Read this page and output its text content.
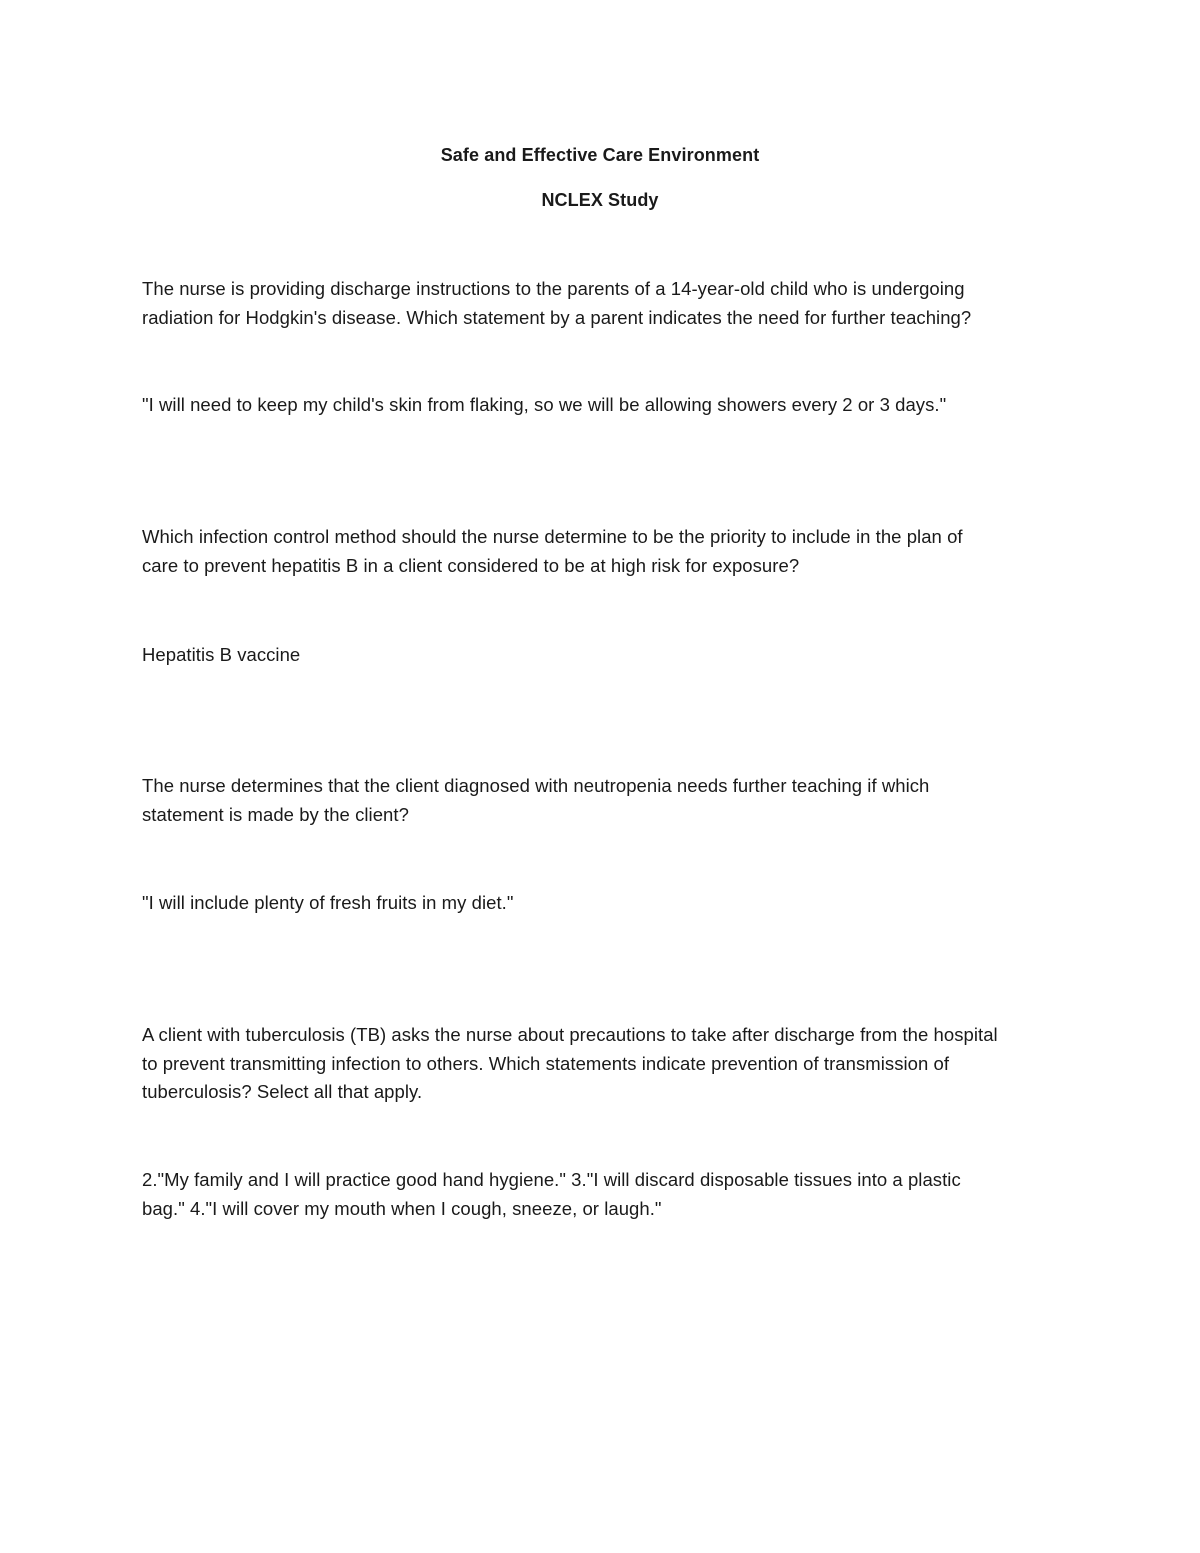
Safe and Effective Care Environment
NCLEX Study
The nurse is providing discharge instructions to the parents of a 14-year-old child who is undergoing
radiation for Hodgkin's disease. Which statement by a parent indicates the need for further teaching?
"I will need to keep my child's skin from flaking, so we will be allowing showers every 2 or 3 days."
Which infection control method should the nurse determine to be the priority to include in the plan of
care to prevent hepatitis B in a client considered to be at high risk for exposure?
Hepatitis B vaccine
The nurse determines that the client diagnosed with neutropenia needs further teaching if which
statement is made by the client?
"I will include plenty of fresh fruits in my diet."
A client with tuberculosis (TB) asks the nurse about precautions to take after discharge from the hospital
to prevent transmitting infection to others. Which statements indicate prevention of transmission of
tuberculosis? Select all that apply.
2."My family and I will practice good hand hygiene." 3."I will discard disposable tissues into a plastic
bag." 4."I will cover my mouth when I cough, sneeze, or laugh."
